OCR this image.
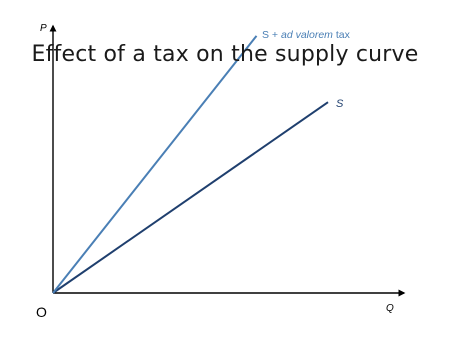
P
Q
O
S
S + ad valorem tax
Effect of a tax on the supply curve
